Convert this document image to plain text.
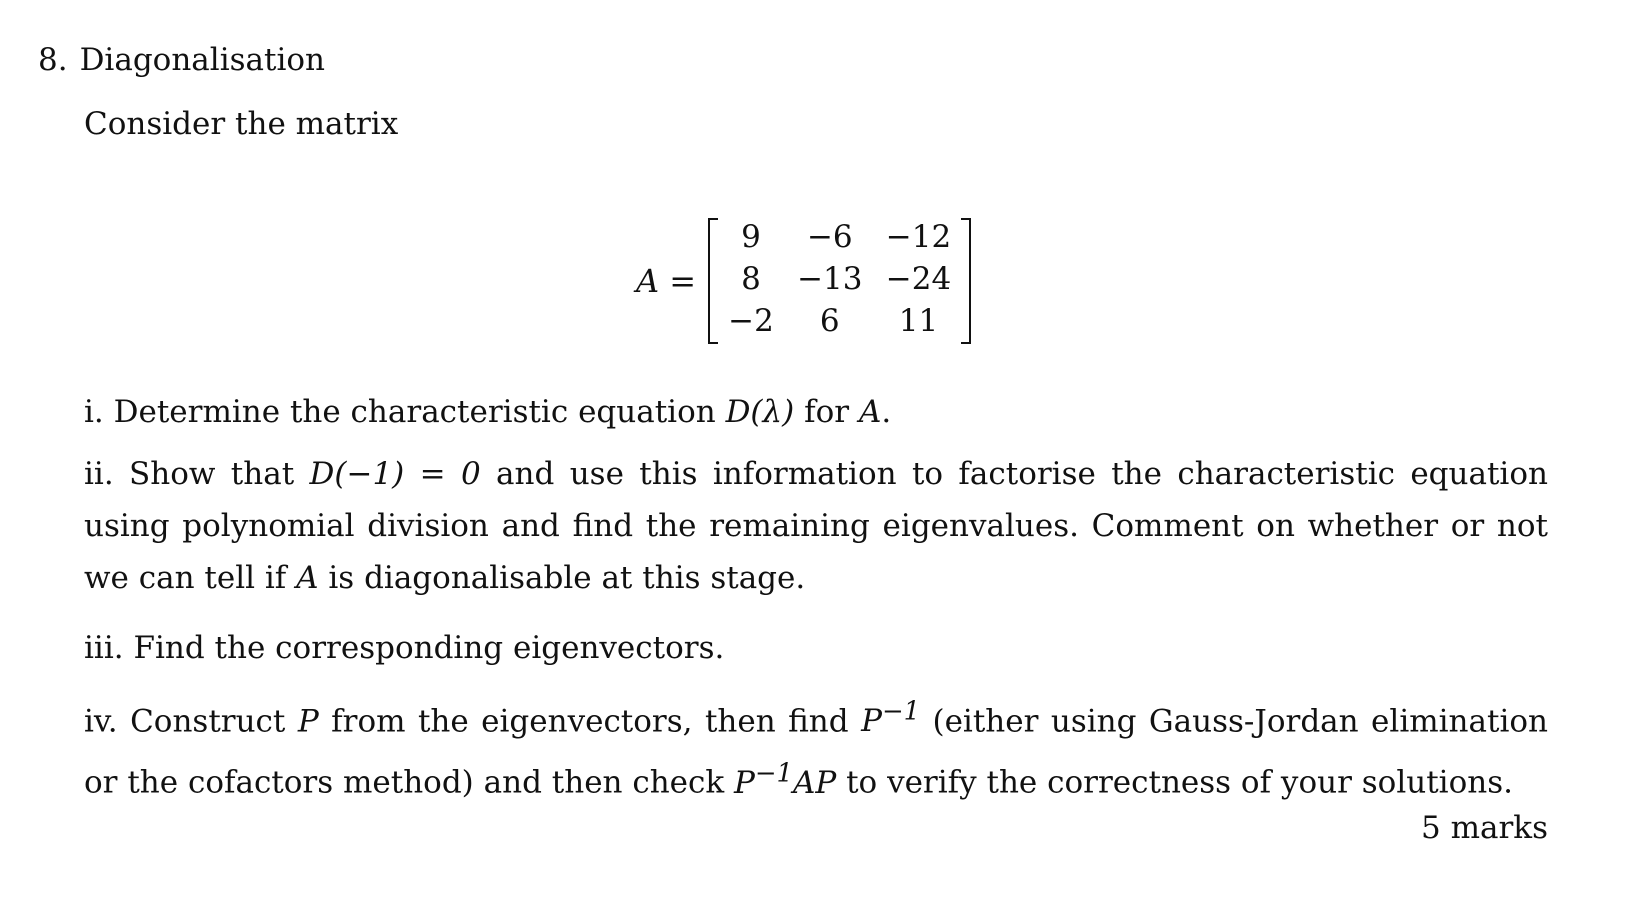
8. Diagonalisation
Consider the matrix
A =
9	−6	−12
8	−13	−24
−2	6	11
i. Determine the characteristic equation D(λ) for A.
ii. Show that D(−1) = 0 and use this information to factorise the characteristic equation using polynomial division and find the remaining eigenvalues. Comment on whether or not we can tell if A is diagonalisable at this stage.
iii. Find the corresponding eigenvectors.
iv. Construct P from the eigenvectors, then find $P^{-1}$ (either using Gauss-Jordan elimination or the cofactors method) and then check $P^{-1}AP$ to verify the correctness of your solutions.
5 marks
